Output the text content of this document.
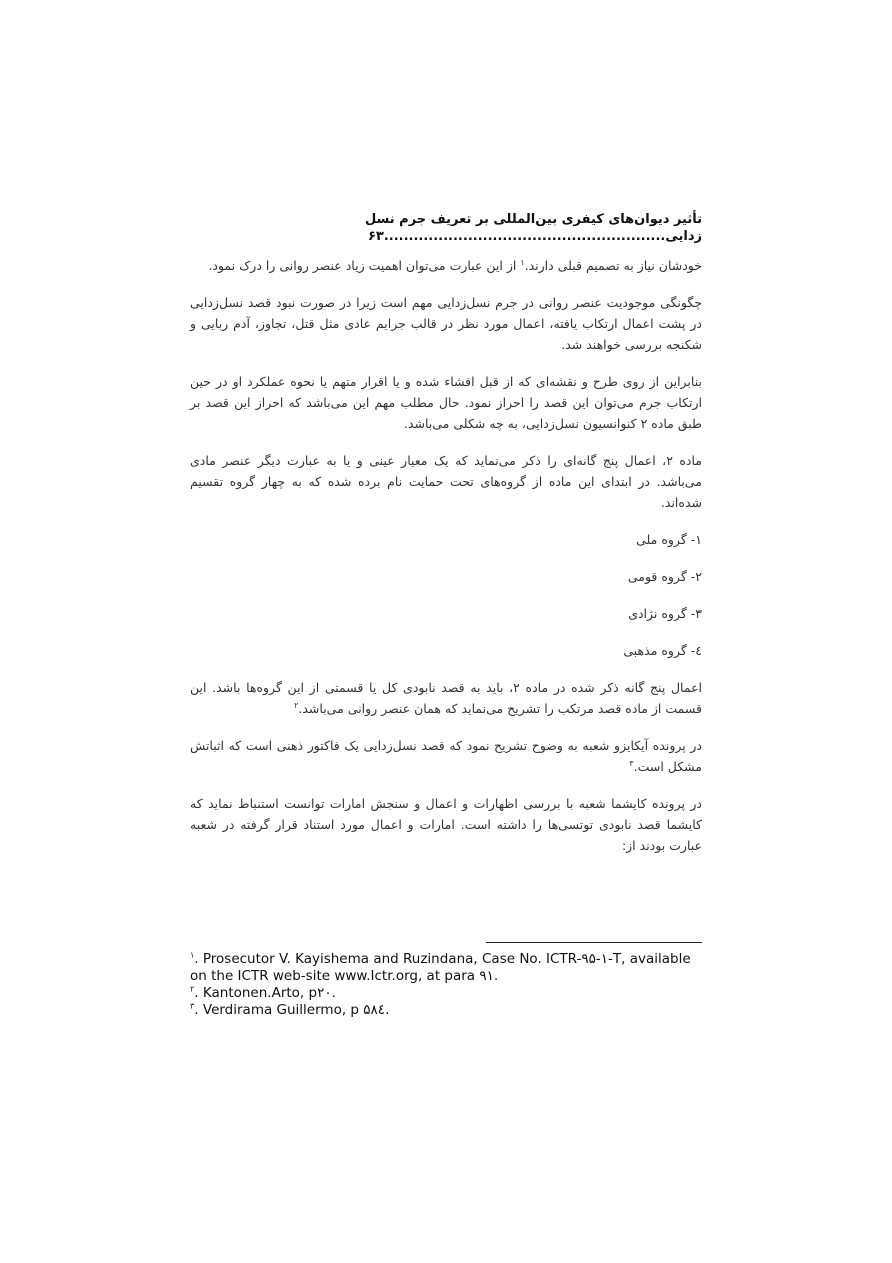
تأثیر دیوان‌های کیفری بین‌المللی بر تعریف جرم نسل
زدایی.........................................................۶۳

خودشان نیاز به تصمیم قبلی دارند.$^۱$ از این عبارت می‌توان اهمیت زیاد عنصر روانی را درک نمود.

چگونگی موجودیت عنصر روانی در جرم نسل‌زدایی مهم است زیرا در صورت نبود قصد نسل‌زدایی در پشت اعمال ارتکاب یافته، اعمال مورد نظر در قالب جرایم عادی مثل قتل، تجاوز، آدم ربایی و شکنجه بررسی خواهند شد.

بنابراین از روی طرح و نقشه‌ای که از قبل افشاء شده و یا اقرار متهم یا نحوه عملکرد او در حین ارتکاب جرم می‌توان این قصد را احراز نمود. حال مطلب مهم این می‌باشد که احراز این قصد بر طبق ماده ۲ کنوانسیون نسل‌زدایی، به چه شکلی می‌باشد.

ماده ۲، اعمال پنج گانه‌ای را ذکر می‌نماید که یک معیار عینی و یا به عبارت دیگر عنصر مادی می‌باشد. در ابتدای این ماده از گروه‌های تحت حمایت نام برده شده که به چهار گروه تقسیم شده‌اند.

۱- گروه ملی

۲- گروه قومی

۳- گروه نژادی

٤- گروه مذهبی

اعمال پنج گانه ذکر شده در ماده ۲، باید به قصد نابودی کل یا قسمتی از این گروه‌ها باشد. این قسمت از ماده قصد مرتکب را تشریح می‌نماید که همان عنصر روانی می‌باشد.$^۲$

در پرونده آیکایزو شعبه به وضوح تشریح نمود که قصد نسل‌زدایی یک فاکتور ذهنی است که اثباتش مشکل است.$^۳$

در پرونده کایشما شعبه با بررسی اظهارات و اعمال و سنجش امارات توانست استنباط نماید که کایشما قصد نابودی توتسی‌ها را داشته است. امارات و اعمال مورد استناد قرار گرفته در شعبه عبارت بودند از:

$^۱$. Prosecutor V. Kayishema and Ruzindana, Case No. ICTR-۹۵-۱-T, available on the ICTR web-site www.Ictr.org, at para ۹۱.

$^۲$. Kantonen.Arto, p۲۰.

$^۳$. Verdirama Guillermo, p ۵۸٤.
